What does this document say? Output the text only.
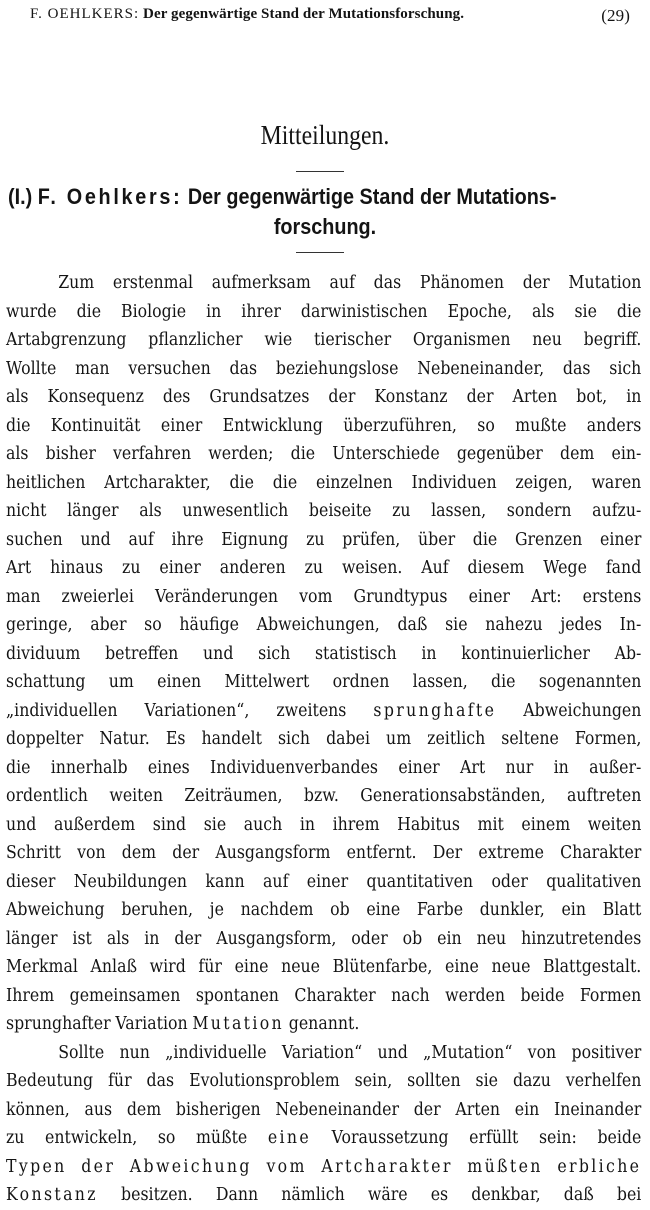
F. OEHLKERS: Der gegenwärtige Stand der Mutationsforschung.	(29)
Mitteilungen.
(I.) F. Oehlkers: Der gegenwärtige Stand der Mutations-
forschung.
Zum erstenmal aufmerksam auf das Phänomen der Mutation
wurde die Biologie in ihrer darwinistischen Epoche, als sie die
Artabgrenzung pflanzlicher wie tierischer Organismen neu begriff.
Wollte man versuchen das beziehungslose Nebeneinander, das sich
als Konsequenz des Grundsatzes der Konstanz der Arten bot, in
die Kontinuität einer Entwicklung überzuführen, so mußte anders
als bisher verfahren werden; die Unterschiede gegenüber dem ein-
heitlichen Artcharakter, die die einzelnen Individuen zeigen, waren
nicht länger als unwesentlich beiseite zu lassen, sondern aufzu-
suchen und auf ihre Eignung zu prüfen, über die Grenzen einer
Art hinaus zu einer anderen zu weisen. Auf diesem Wege fand
man zweierlei Veränderungen vom Grundtypus einer Art: erstens
geringe, aber so häufige Abweichungen, daß sie nahezu jedes In-
dividuum betreffen und sich statistisch in kontinuierlicher Ab-
schattung um einen Mittelwert ordnen lassen, die sogenannten
„individuellen Variationen“, zweitens sprunghafte Abweichungen
doppelter Natur. Es handelt sich dabei um zeitlich seltene Formen,
die innerhalb eines Individuenverbandes einer Art nur in außer-
ordentlich weiten Zeiträumen, bzw. Generationsabständen, auftreten
und außerdem sind sie auch in ihrem Habitus mit einem weiten
Schritt von dem der Ausgangsform entfernt. Der extreme Charakter
dieser Neubildungen kann auf einer quantitativen oder qualitativen
Abweichung beruhen, je nachdem ob eine Farbe dunkler, ein Blatt
länger ist als in der Ausgangsform, oder ob ein neu hinzutretendes
Merkmal Anlaß wird für eine neue Blütenfarbe, eine neue Blattgestalt.
Ihrem gemeinsamen spontanen Charakter nach werden beide Formen
sprunghafter Variation Mutation genannt.
Sollte nun „individuelle Variation“ und „Mutation“ von positiver
Bedeutung für das Evolutionsproblem sein, sollten sie dazu verhelfen
können, aus dem bisherigen Nebeneinander der Arten ein Ineinander
zu entwickeln, so müßte eine Voraussetzung erfüllt sein: beide
Typen der Abweichung vom Artcharakter müßten erbliche
Konstanz besitzen. Dann nämlich wäre es denkbar, daß bei
